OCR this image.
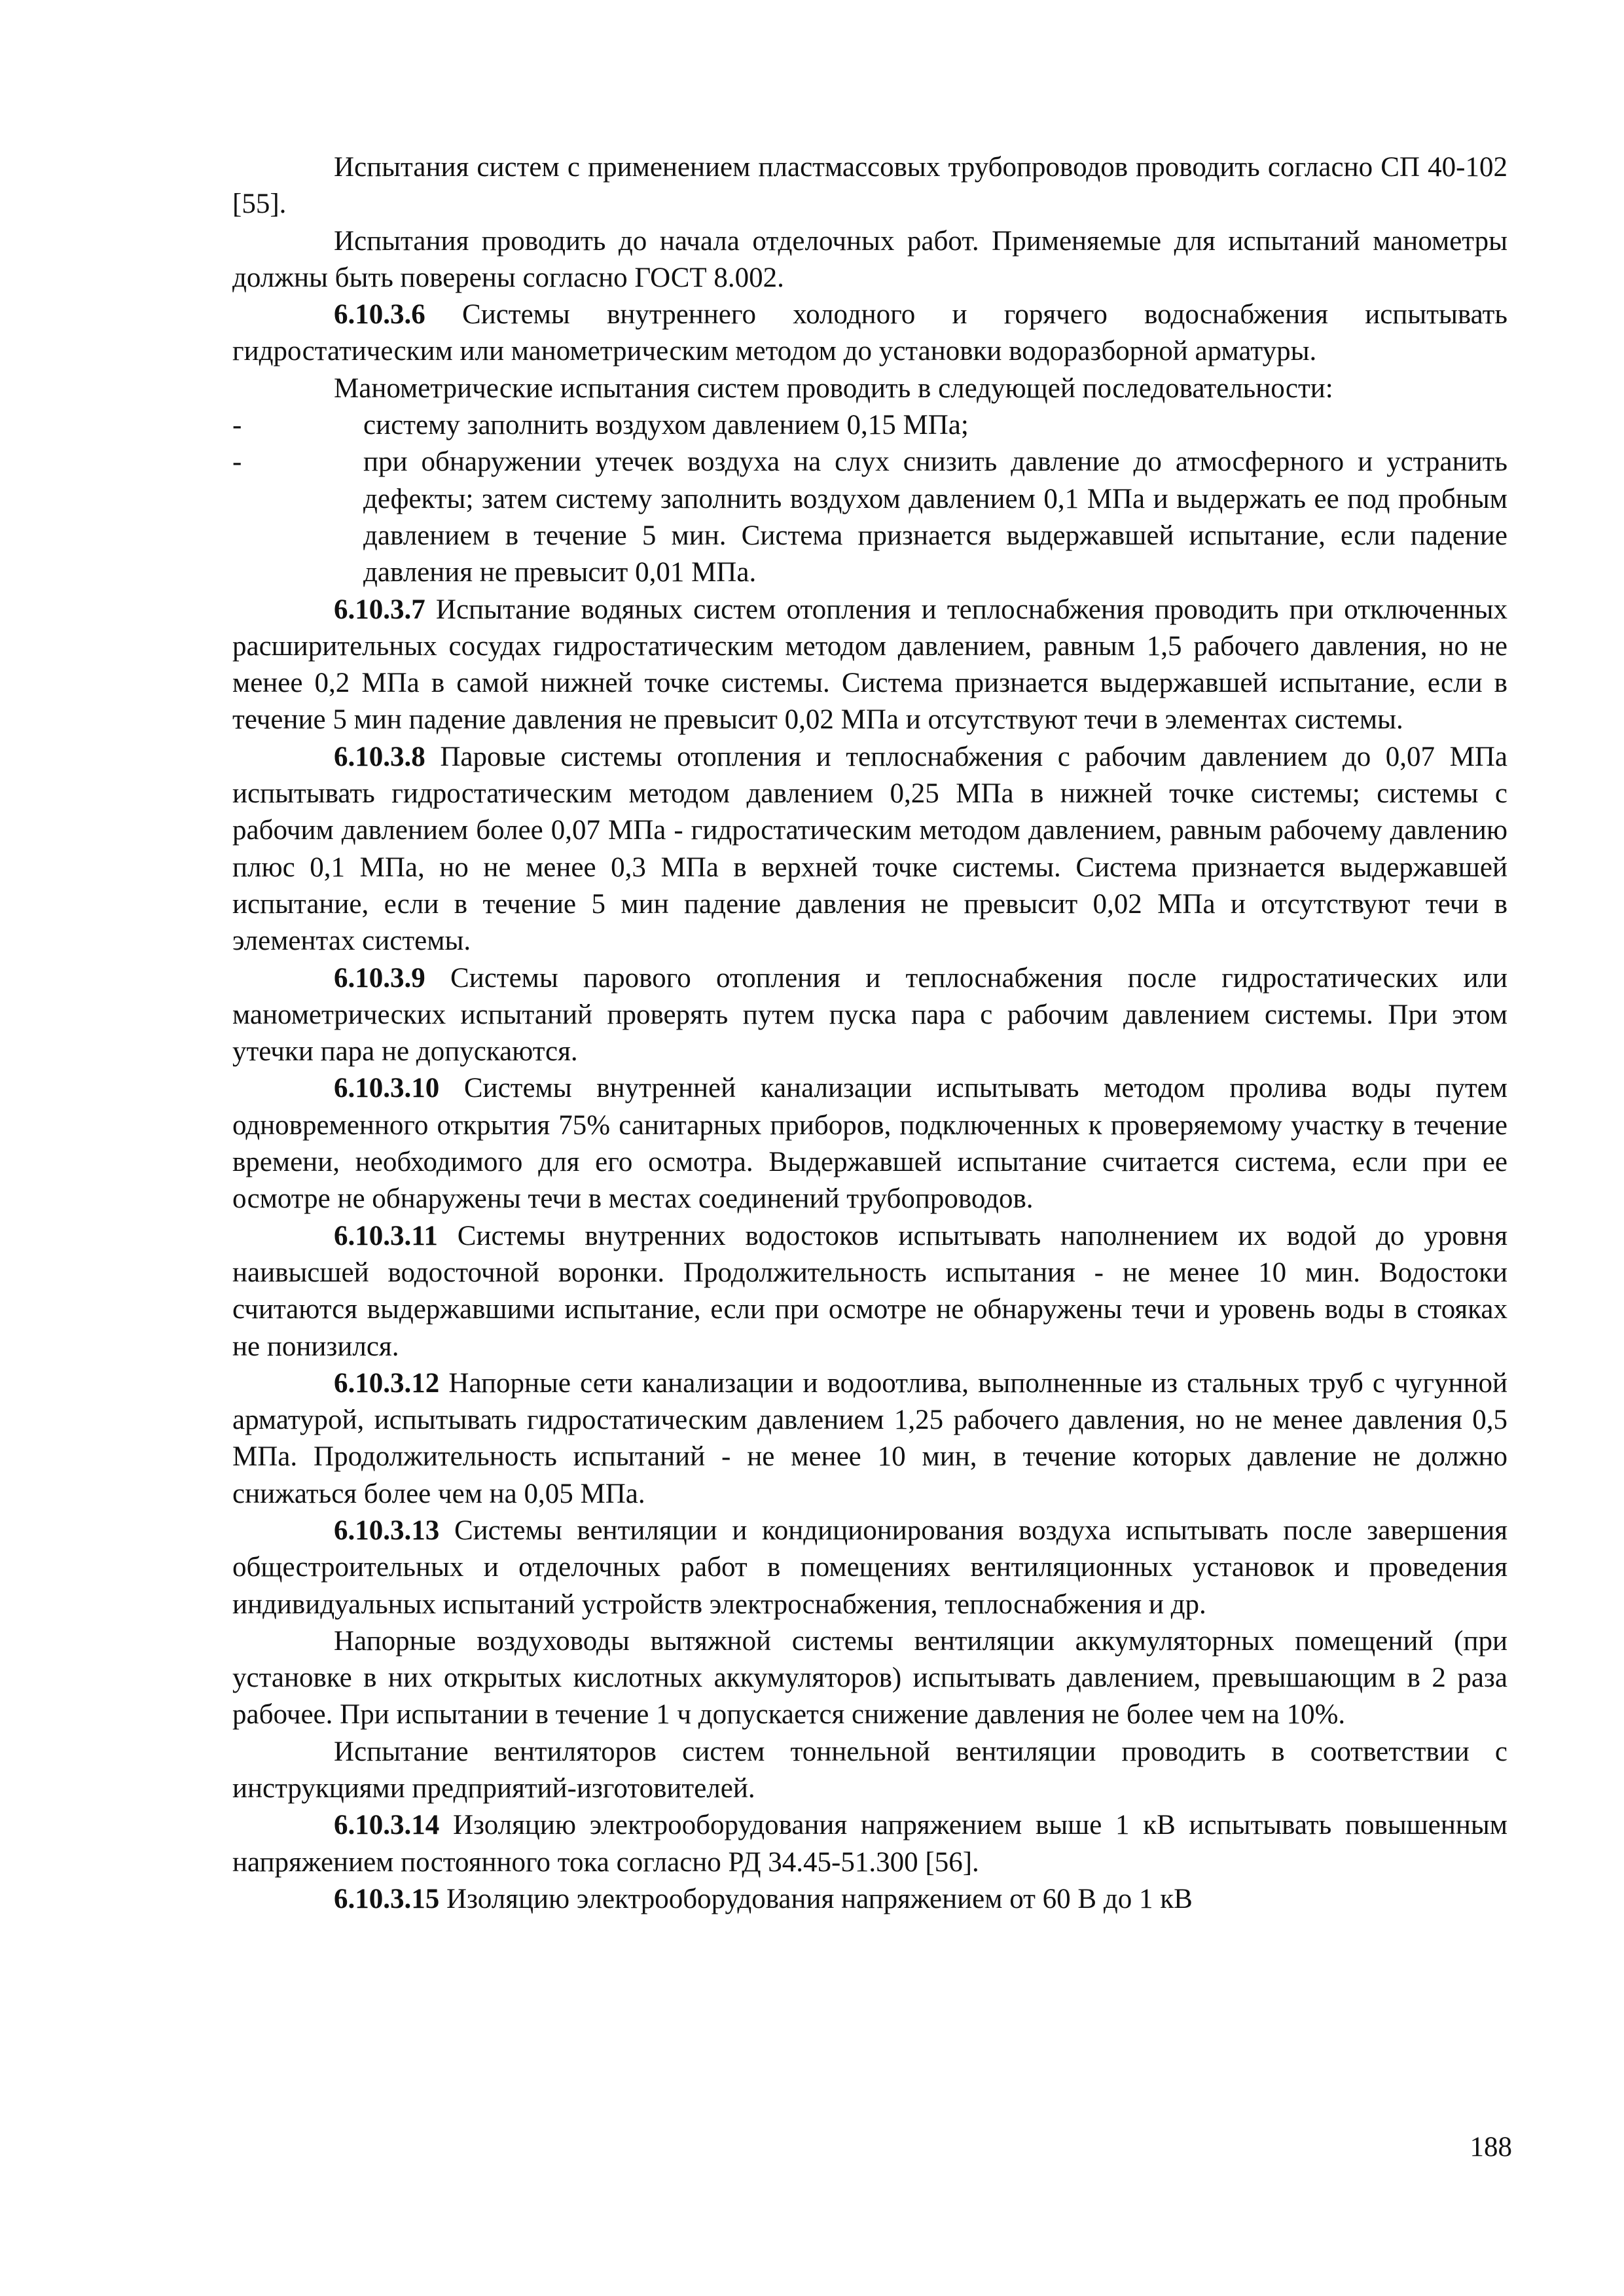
Испытания систем с применением пластмассовых трубопроводов проводить согласно СП 40-102 [55].

Испытания проводить до начала отделочных работ. Применяемые для испытаний манометры должны быть поверены согласно ГОСТ 8.002.

6.10.3.6 Системы внутреннего холодного и горячего водоснабжения испытывать гидростатическим или манометрическим методом до установки водоразборной арматуры.

Манометрические испытания систем проводить в следующей последовательности:

-	систему заполнить воздухом давлением 0,15 МПа;
-	при обнаружении утечек воздуха на слух снизить давление до атмосферного и устранить дефекты; затем систему заполнить воздухом давлением 0,1 МПа и выдержать ее под пробным давлением в течение 5 мин. Система признается выдержавшей испытание, если падение давления не превысит 0,01 МПа.

6.10.3.7 Испытание водяных систем отопления и теплоснабжения проводить при отключенных расширительных сосудах гидростатическим методом давлением, равным 1,5 рабочего давления, но не менее 0,2 МПа в самой нижней точке системы. Система признается выдержавшей испытание, если в течение 5 мин падение давления не превысит 0,02 МПа и отсутствуют течи в элементах системы.

6.10.3.8 Паровые системы отопления и теплоснабжения с рабочим давлением до 0,07 МПа испытывать гидростатическим методом давлением 0,25 МПа в нижней точке системы; системы с рабочим давлением более 0,07 МПа - гидростатическим методом давлением, равным рабочему давлению плюс 0,1 МПа, но не менее 0,3 МПа в верхней точке системы. Система признается выдержавшей испытание, если в течение 5 мин падение давления не превысит 0,02 МПа и отсутствуют течи в элементах системы.

6.10.3.9 Системы парового отопления и теплоснабжения после гидростатических или манометрических испытаний проверять путем пуска пара с рабочим давлением системы. При этом утечки пара не допускаются.

6.10.3.10 Системы внутренней канализации испытывать методом пролива воды путем одновременного открытия 75% санитарных приборов, подключенных к проверяемому участку в течение времени, необходимого для его осмотра. Выдержавшей испытание считается система, если при ее осмотре не обнаружены течи в местах соединений трубопроводов.

6.10.3.11 Системы внутренних водостоков испытывать наполнением их водой до уровня наивысшей водосточной воронки. Продолжительность испытания - не менее 10 мин. Водостоки считаются выдержавшими испытание, если при осмотре не обнаружены течи и уровень воды в стояках не понизился.

6.10.3.12 Напорные сети канализации и водоотлива, выполненные из стальных труб с чугунной арматурой, испытывать гидростатическим давлением 1,25 рабочего давления, но не менее давления 0,5 МПа. Продолжительность испытаний - не менее 10 мин, в течение которых давление не должно снижаться более чем на 0,05 МПа.

6.10.3.13 Системы вентиляции и кондиционирования воздуха испытывать после завершения общестроительных и отделочных работ в помещениях вентиляционных установок и проведения индивидуальных испытаний устройств электроснабжения, теплоснабжения и др.

Напорные воздуховоды вытяжной системы вентиляции аккумуляторных помещений (при установке в них открытых кислотных аккумуляторов) испытывать давлением, превышающим в 2 раза рабочее. При испытании в течение 1 ч допускается снижение давления не более чем на 10%.

Испытание вентиляторов систем тоннельной вентиляции проводить в соответствии с инструкциями предприятий-изготовителей.

6.10.3.14 Изоляцию электрооборудования напряжением выше 1 кВ испытывать повышенным напряжением постоянного тока согласно РД 34.45-51.300 [56].

6.10.3.15 Изоляцию электрооборудования напряжением от 60 В до 1 кВ

188
